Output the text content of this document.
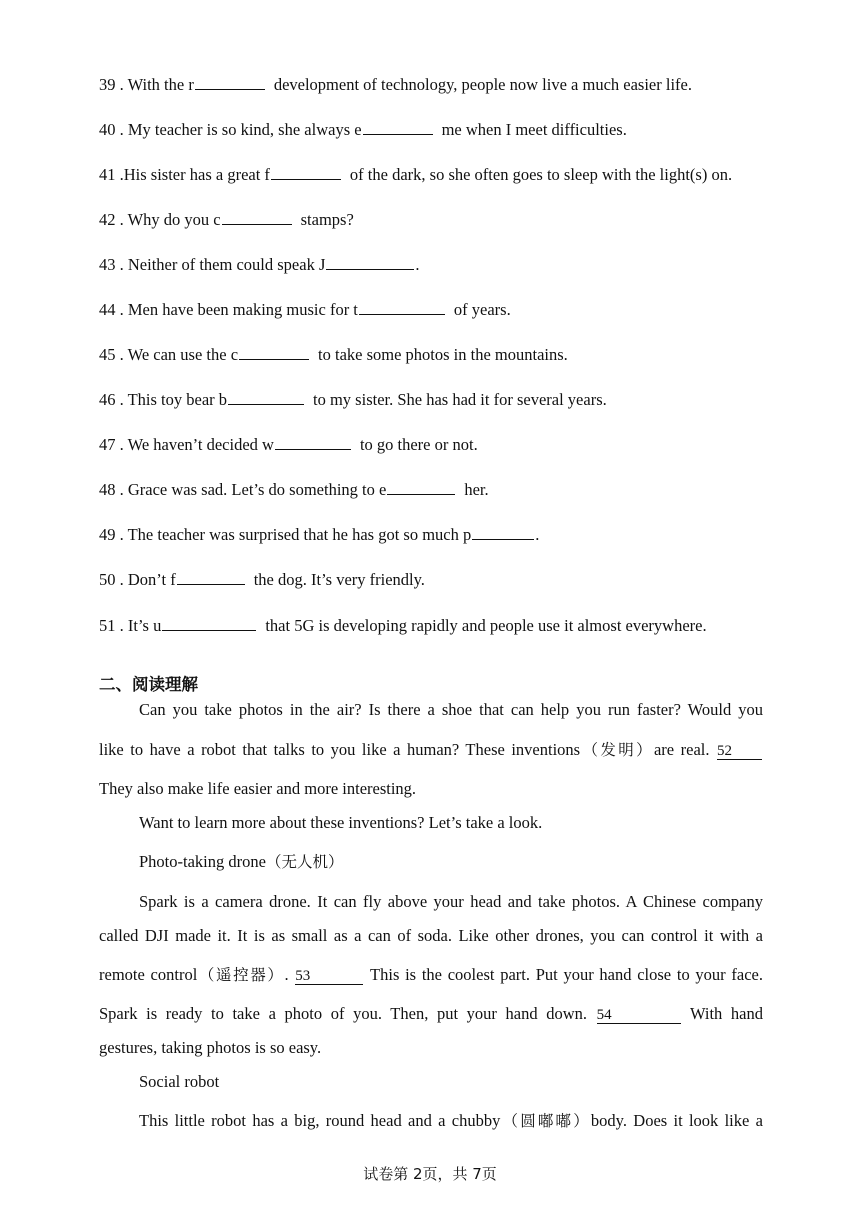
39 . With the r	development of technology, people now live a much easier life.
40 . My teacher is so kind, she always e	me when I meet difficulties.
41 .His sister has a great f	of the dark, so she often goes to sleep with the light(s) on.
42 . Why do you c	stamps?
43 . Neither of them could speak J	.
44 . Men have been making music for t	of years.
45 . We can use the c	to take some photos in the mountains.
46 . This toy bear b	to my sister. She has had it for several years.
47 . We haven’t decided w	to go there or not.
48 . Grace was sad. Let’s do something to e	her.
49 . The teacher was surprised that he has got so much p	.
50 . Don’t f	the dog. It’s very friendly.
51 . It’s u	that 5G is developing rapidly and people use it almost everywhere.
二、阅读理解
Can you take photos in the air? Is there a shoe that can help you run faster? Would you
like to have a robot that talks to you like a human? These inventions（发明）are real. 52
They also make life easier and more interesting.
Want to learn more about these inventions? Let’s take a look.
Photo-taking drone（无人机）
Spark is a camera drone. It can fly above your head and take photos. A Chinese company
called DJI made it. It is as small as a can of soda. Like other drones, you can control it with a
remote control（遥控器）. 53	This is the coolest part. Put your hand close to your face.
Spark is ready to take a photo of you. Then, put your hand down. 54	With hand
gestures, taking photos is so easy.
Social robot
This little robot has a big, round head and a chubby（圆嘟嘟）body. Does it look like a
试卷第 2页，共 7页
